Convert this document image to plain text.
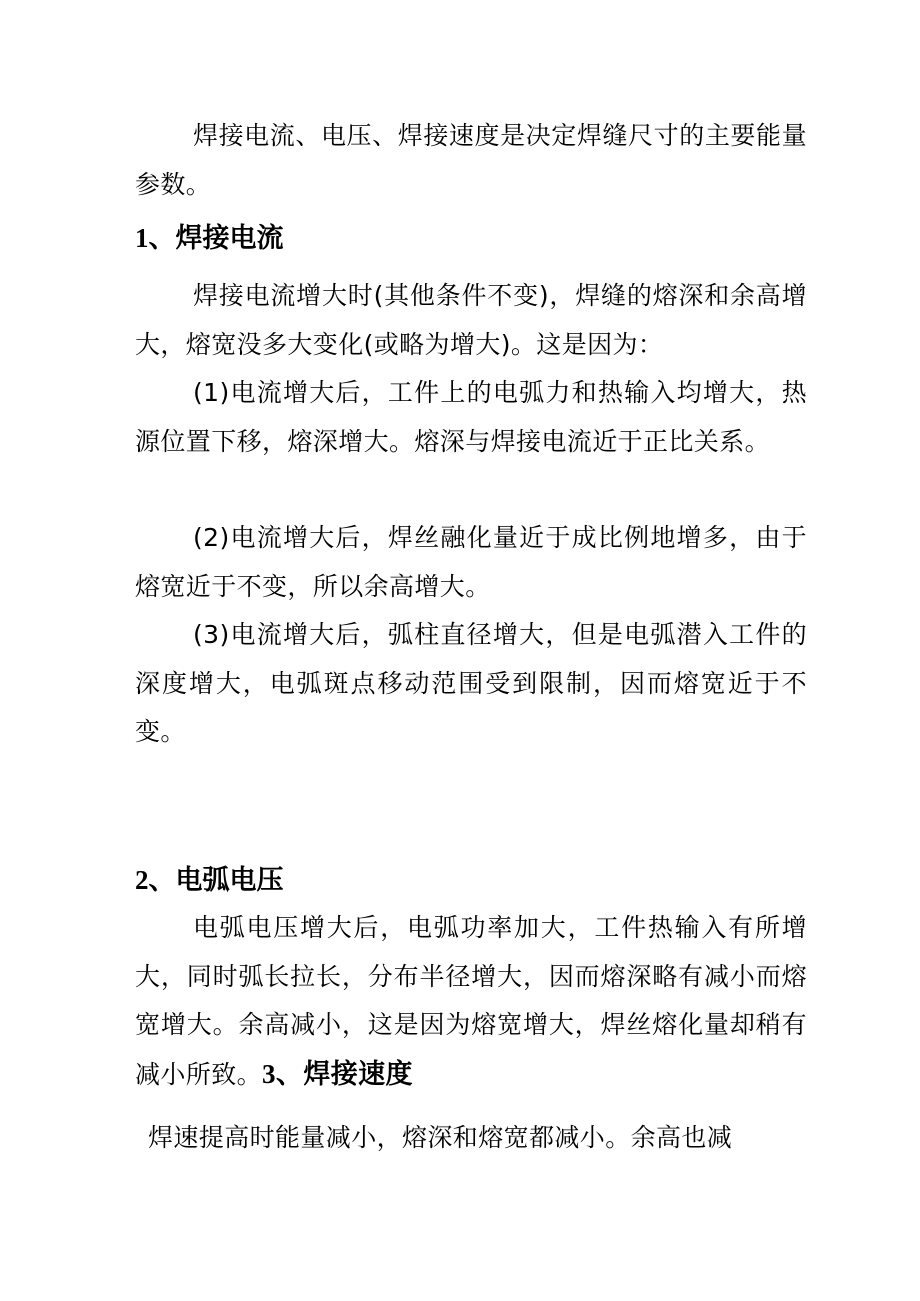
焊接电流、电压、焊接速度是决定焊缝尺寸的主要能量参数。

1、焊接电流

焊接电流增大时(其他条件不变)，焊缝的熔深和余高增大，熔宽没多大变化(或略为增大)。这是因为：

(1)电流增大后，工件上的电弧力和热输入均增大，热源位置下移，熔深增大。熔深与焊接电流近于正比关系。

(2)电流增大后，焊丝融化量近于成比例地增多，由于熔宽近于不变，所以余高增大。

(3)电流增大后，弧柱直径增大，但是电弧潜入工件的深度增大，电弧斑点移动范围受到限制，因而熔宽近于不变。

2、电弧电压

电弧电压增大后，电弧功率加大，工件热输入有所增大，同时弧长拉长，分布半径增大，因而熔深略有减小而熔宽增大。余高减小，这是因为熔宽增大，焊丝熔化量却稍有减小所致。3、焊接速度

焊速提高时能量减小，熔深和熔宽都减小。余高也减
